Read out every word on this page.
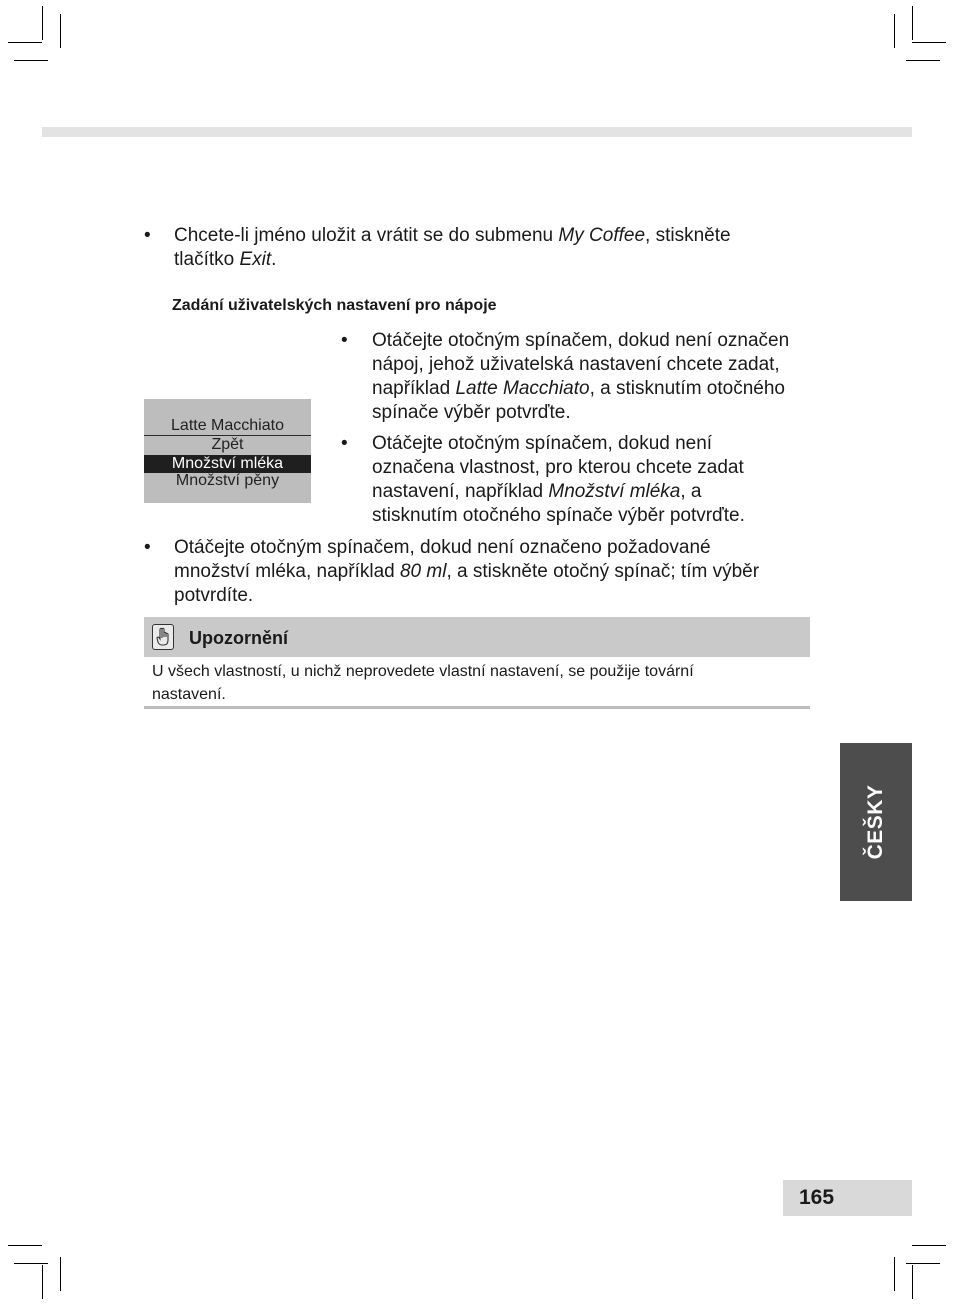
• Chcete-li jméno uložit a vrátit se do submenu My Coffee, stiskněte

tlačítko Exit.

Zadání uživatelských nastavení pro nápoje
Latte Macchiato
Zpět
Množství mléka
Množství pěny
• Otáčejte otočným spínačem, dokud není označen

nápoj, jehož uživatelská nastavení chcete zadat,

například Latte Macchiato, a stisknutím otočného

spínače výběr potvrďte.

• Otáčejte otočným spínačem, dokud není

označena vlastnost, pro kterou chcete zadat

nastavení, například Množství mléka, a

stisknutím otočného spínače výběr potvrďte.

• Otáčejte otočným spínačem, dokud není označeno požadované

množství mléka, například 80 ml, a stiskněte otočný spínač; tím výběr

potvrdíte.

Upozornění
U všech vlastností, u nichž neprovedete vlastní nastavení, se použije tovární
nastavení.
ČEŠKY
165
